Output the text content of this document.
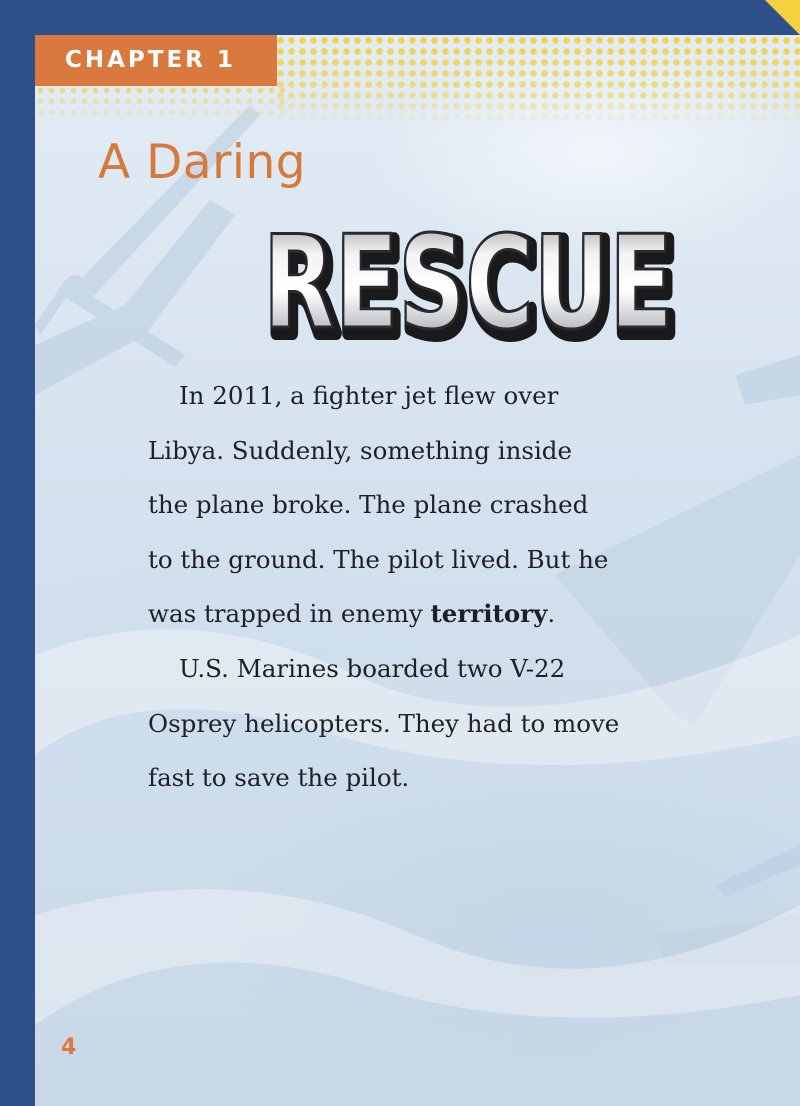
CHAPTER 1
A Daring
RESCUE
RESCUE

In 2011, a fighter jet flew over
Libya. Suddenly, something inside
the plane broke. The plane crashed
to the ground. The pilot lived. But he
was trapped in enemy territory.

U.S. Marines boarded two V-22
Osprey helicopters. They had to move
fast to save the pilot.

4
